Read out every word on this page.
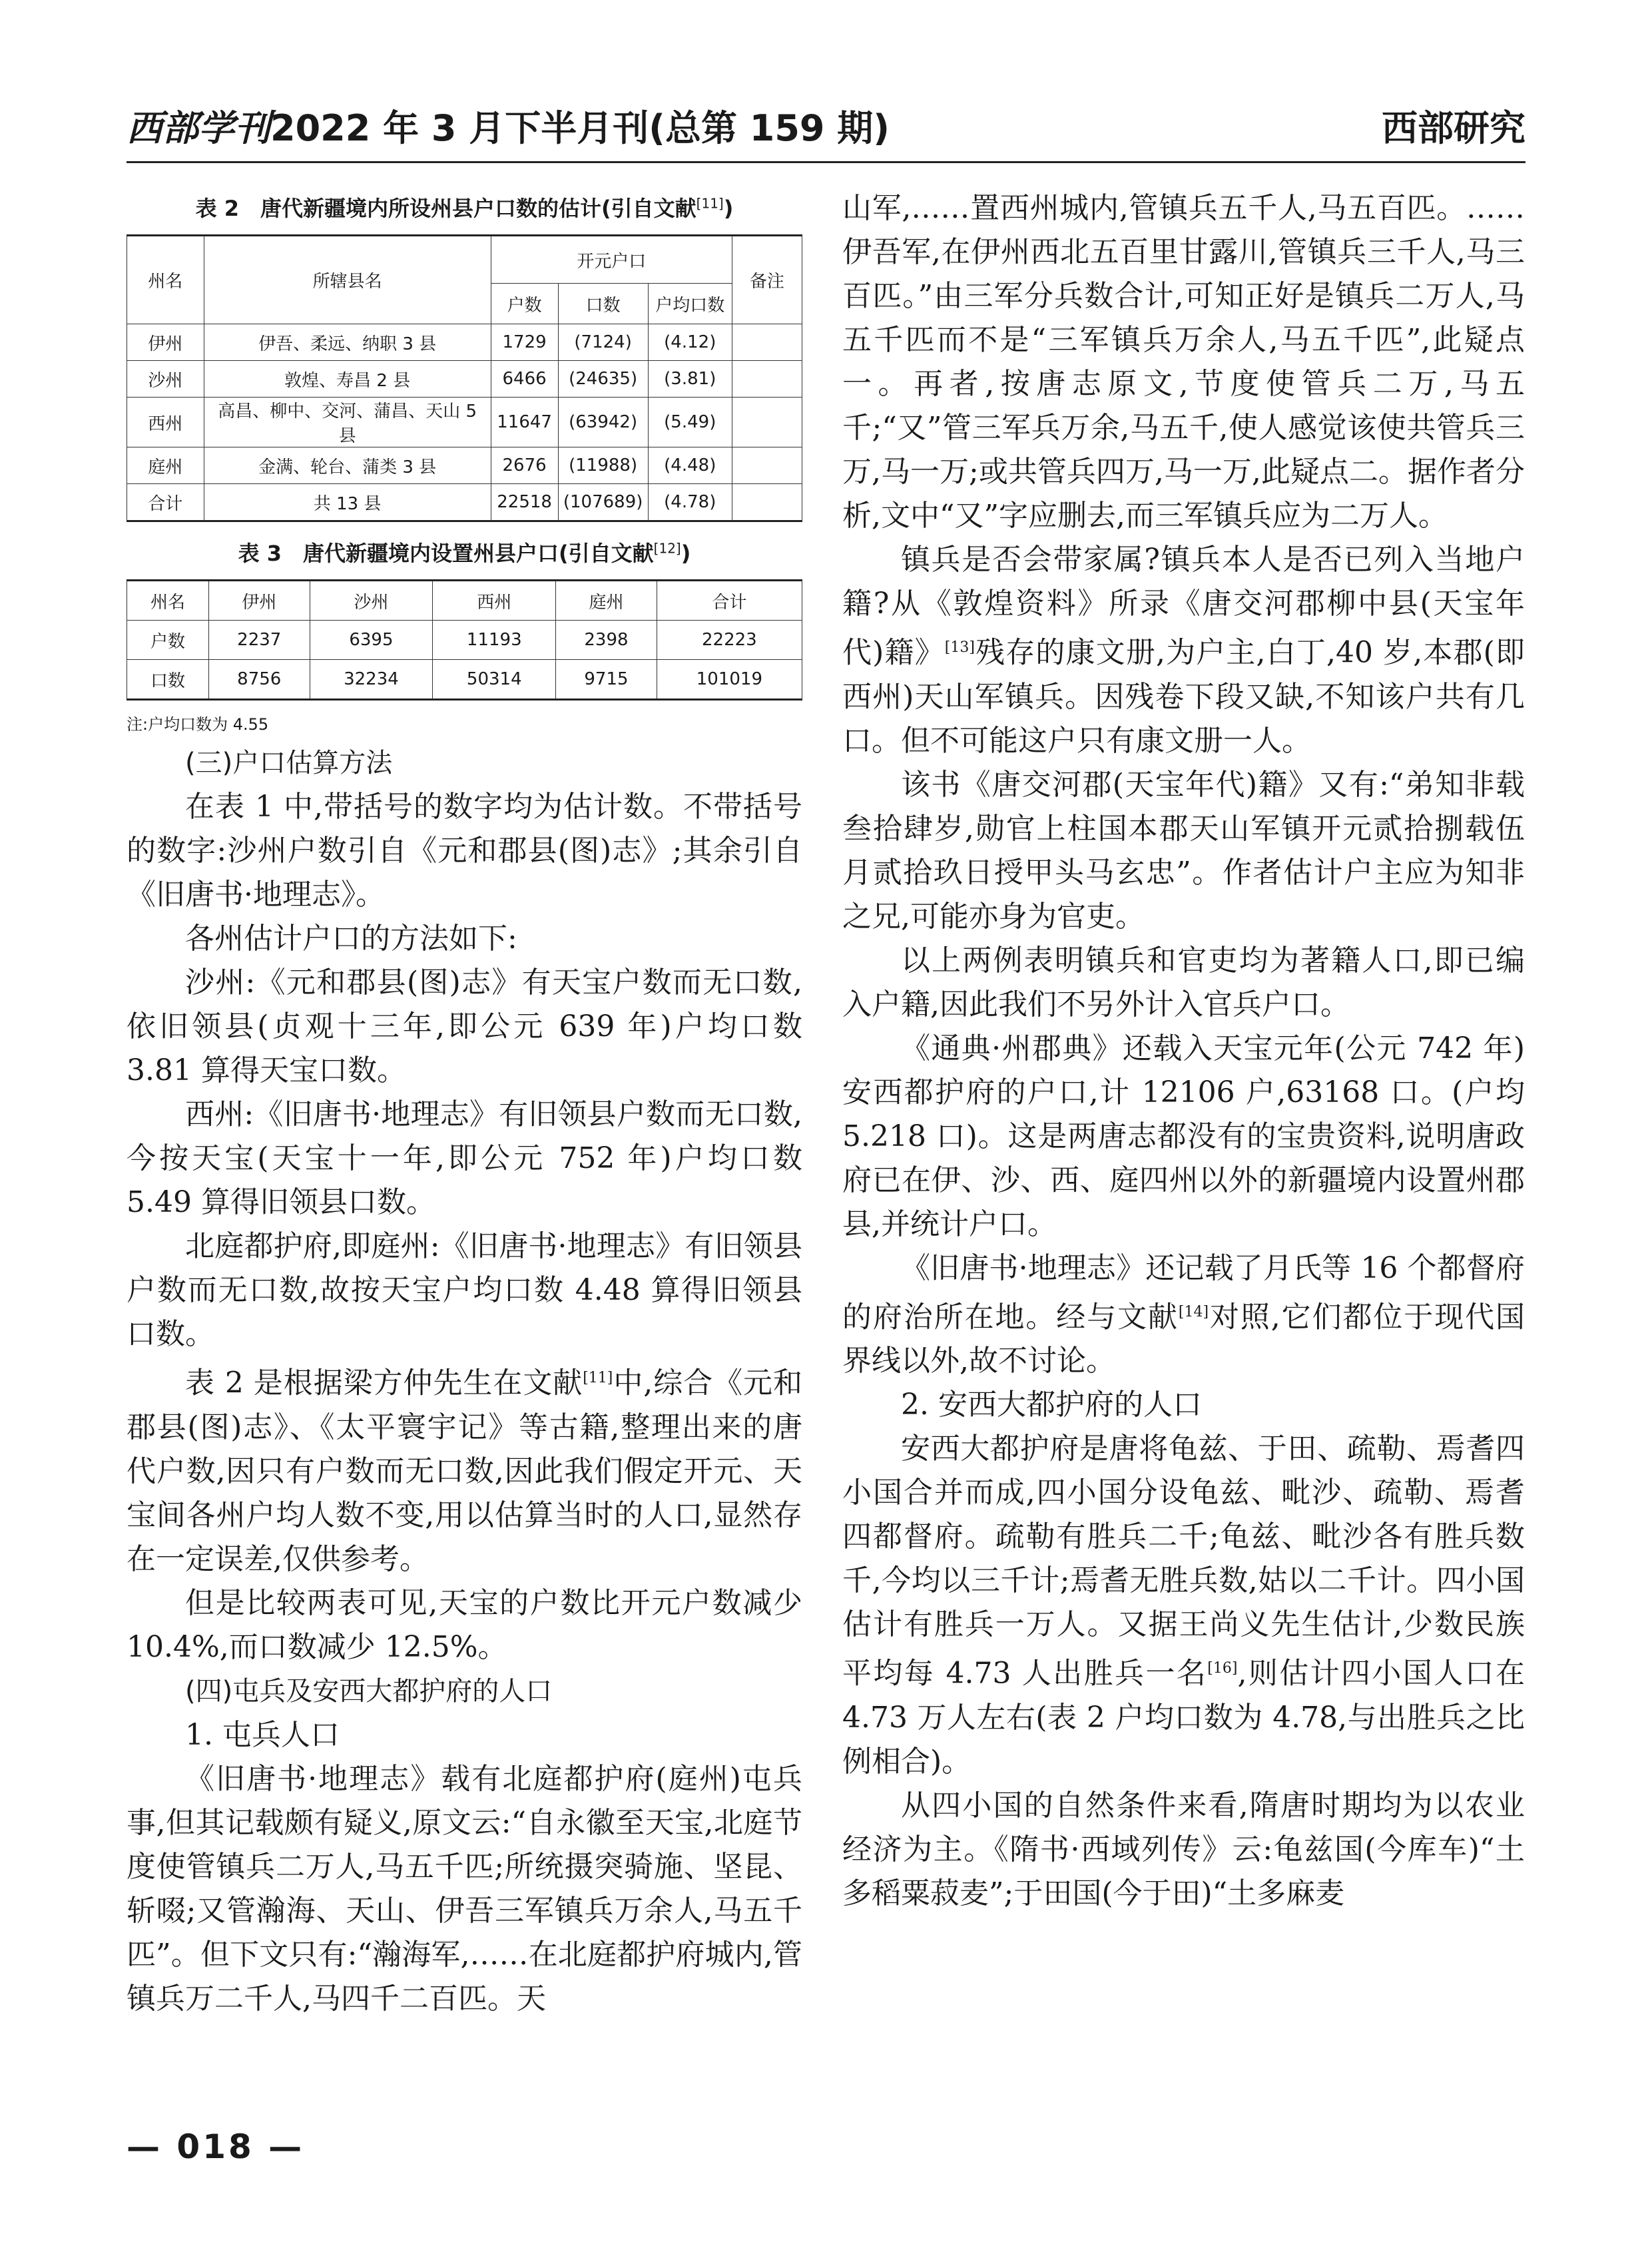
西部学刊2022 年 3 月下半月刊(总第 159 期)	西部研究
表 2　唐代新疆境内所设州县户口数的估计(引自文献[11])
州名	所辖县名	开元户口			备注
		户数	口数	户均口数	
伊州	伊吾、柔远、纳职 3 县	1729	(7124)	(4.12)	
沙州	敦煌、寿昌 2 县	6466	(24635)	(3.81)	
西州	高昌、柳中、交河、蒲昌、天山 5 县	11647	(63942)	(5.49)	
庭州	金满、轮台、蒲类 3 县	2676	(11988)	(4.48)	
合计	共 13 县	22518	(107689)	(4.78)	
表 3　唐代新疆境内设置州县户口(引自文献[12])
州名	伊州	沙州	西州	庭州	合计
户数	2237	6395	11193	2398	22223
口数	8756	32234	50314	9715	101019
注:户均口数为 4.55

(三)户口估算方法

在表 1 中,带括号的数字均为估计数。不带括号的数字:沙州户数引自《元和郡县(图)志》;其余引自《旧唐书·地理志》。

各州估计户口的方法如下:

沙州:《元和郡县(图)志》有天宝户数而无口数,依旧领县(贞观十三年,即公元 639 年)户均口数 3.81 算得天宝口数。

西州:《旧唐书·地理志》有旧领县户数而无口数,今按天宝(天宝十一年,即公元 752 年)户均口数 5.49 算得旧领县口数。

北庭都护府,即庭州:《旧唐书·地理志》有旧领县户数而无口数,故按天宝户均口数 4.48 算得旧领县口数。

表 2 是根据梁方仲先生在文献[11]中,综合《元和郡县(图)志》、《太平寰宇记》等古籍,整理出来的唐代户数,因只有户数而无口数,因此我们假定开元、天宝间各州户均人数不变,用以估算当时的人口,显然存在一定误差,仅供参考。

但是比较两表可见,天宝的户数比开元户数减少 10.4%,而口数减少 12.5%。

(四)屯兵及安西大都护府的人口

1. 屯兵人口

《旧唐书·地理志》载有北庭都护府(庭州)屯兵事,但其记载颇有疑义,原文云:“自永徽至天宝,北庭节度使管镇兵二万人,马五千匹;所统摄突骑施、坚昆、斩啜;又管瀚海、天山、伊吾三军镇兵万余人,马五千匹”。但下文只有:“瀚海军,……在北庭都护府城内,管镇兵万二千人,马四千二百匹。天

山军,……置西州城内,管镇兵五千人,马五百匹。……伊吾军,在伊州西北五百里甘露川,管镇兵三千人,马三百匹。”由三军分兵数合计,可知正好是镇兵二万人,马五千匹而不是“三军镇兵万余人,马五千匹”,此疑点一。再者,按唐志原文,节度使管兵二万,马五千;“又”管三军兵万余,马五千,使人感觉该使共管兵三万,马一万;或共管兵四万,马一万,此疑点二。据作者分析,文中“又”字应删去,而三军镇兵应为二万人。

镇兵是否会带家属?镇兵本人是否已列入当地户籍?从《敦煌资料》所录《唐交河郡柳中县(天宝年代)籍》[13]残存的康文册,为户主,白丁,40 岁,本郡(即西州)天山军镇兵。因残卷下段又缺,不知该户共有几口。但不可能这户只有康文册一人。

该书《唐交河郡(天宝年代)籍》又有:“弟知非载叁拾肆岁,勋官上柱国本郡天山军镇开元贰拾捌载伍月贰拾玖日授甲头马玄忠”。作者估计户主应为知非之兄,可能亦身为官吏。

以上两例表明镇兵和官吏均为著籍人口,即已编入户籍,因此我们不另外计入官兵户口。

《通典·州郡典》还载入天宝元年(公元 742 年)安西都护府的户口,计 12106 户,63168 口。(户均 5.218 口)。这是两唐志都没有的宝贵资料,说明唐政府已在伊、沙、西、庭四州以外的新疆境内设置州郡县,并统计户口。

《旧唐书·地理志》还记载了月氏等 16 个都督府的府治所在地。经与文献[14]对照,它们都位于现代国界线以外,故不讨论。

2. 安西大都护府的人口

安西大都护府是唐将龟兹、于田、疏勒、焉耆四小国合并而成,四小国分设龟兹、毗沙、疏勒、焉耆四都督府。疏勒有胜兵二千;龟兹、毗沙各有胜兵数千,今均以三千计;焉耆无胜兵数,姑以二千计。四小国估计有胜兵一万人。又据王尚义先生估计,少数民族平均每 4.73 人出胜兵一名[16],则估计四小国人口在 4.73 万人左右(表 2 户均口数为 4.78,与出胜兵之比例相合)。

从四小国的自然条件来看,隋唐时期均为以农业经济为主。《隋书·西域列传》云:龟兹国(今库车)“土多稻粟菽麦”;于田国(今于田)“土多麻麦

— 018 —
